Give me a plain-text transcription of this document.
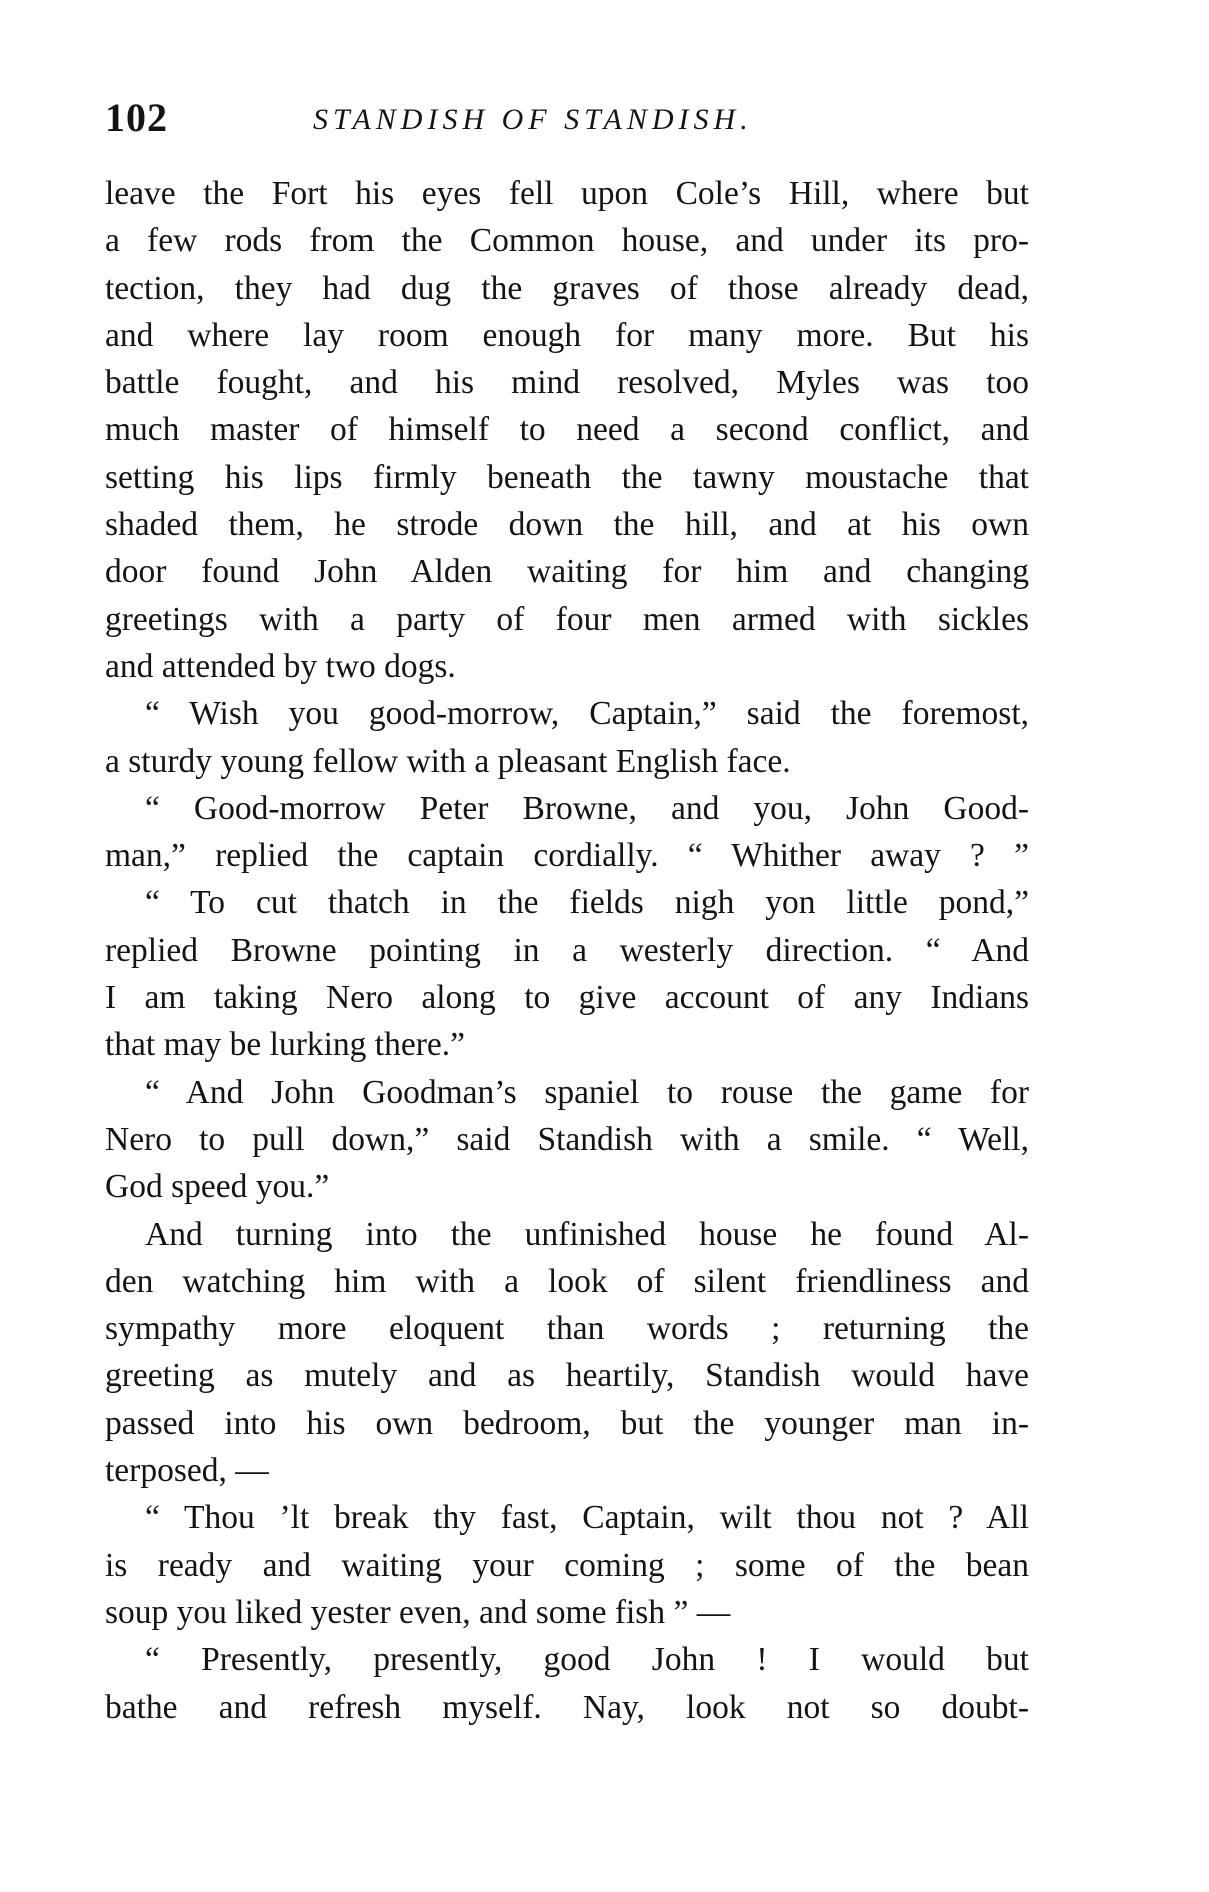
102	STANDISH OF STANDISH.
leave the Fort his eyes fell upon Cole’s Hill, where but
a few rods from the Common house, and under its pro-
tection, they had dug the graves of those already dead,
and where lay room enough for many more. But his
battle fought, and his mind resolved, Myles was too
much master of himself to need a second conflict, and
setting his lips firmly beneath the tawny moustache that
shaded them, he strode down the hill, and at his own
door found John Alden waiting for him and changing
greetings with a party of four men armed with sickles
and attended by two dogs.
“ Wish you good-morrow, Captain,” said the foremost,
a sturdy young fellow with a pleasant English face.
“ Good-morrow Peter Browne, and you, John Good-
man,” replied the captain cordially. “ Whither away ? ”
“ To cut thatch in the fields nigh yon little pond,”
replied Browne pointing in a westerly direction. “ And
I am taking Nero along to give account of any Indians
that may be lurking there.”
“ And John Goodman’s spaniel to rouse the game for
Nero to pull down,” said Standish with a smile. “ Well,
God speed you.”
And turning into the unfinished house he found Al-
den watching him with a look of silent friendliness and
sympathy more eloquent than words ; returning the
greeting as mutely and as heartily, Standish would have
passed into his own bedroom, but the younger man in-
terposed, —
“ Thou ’lt break thy fast, Captain, wilt thou not ? All
is ready and waiting your coming ; some of the bean
soup you liked yester even, and some fish ” —
“ Presently, presently, good John ! I would but
bathe and refresh myself. Nay, look not so doubt-
